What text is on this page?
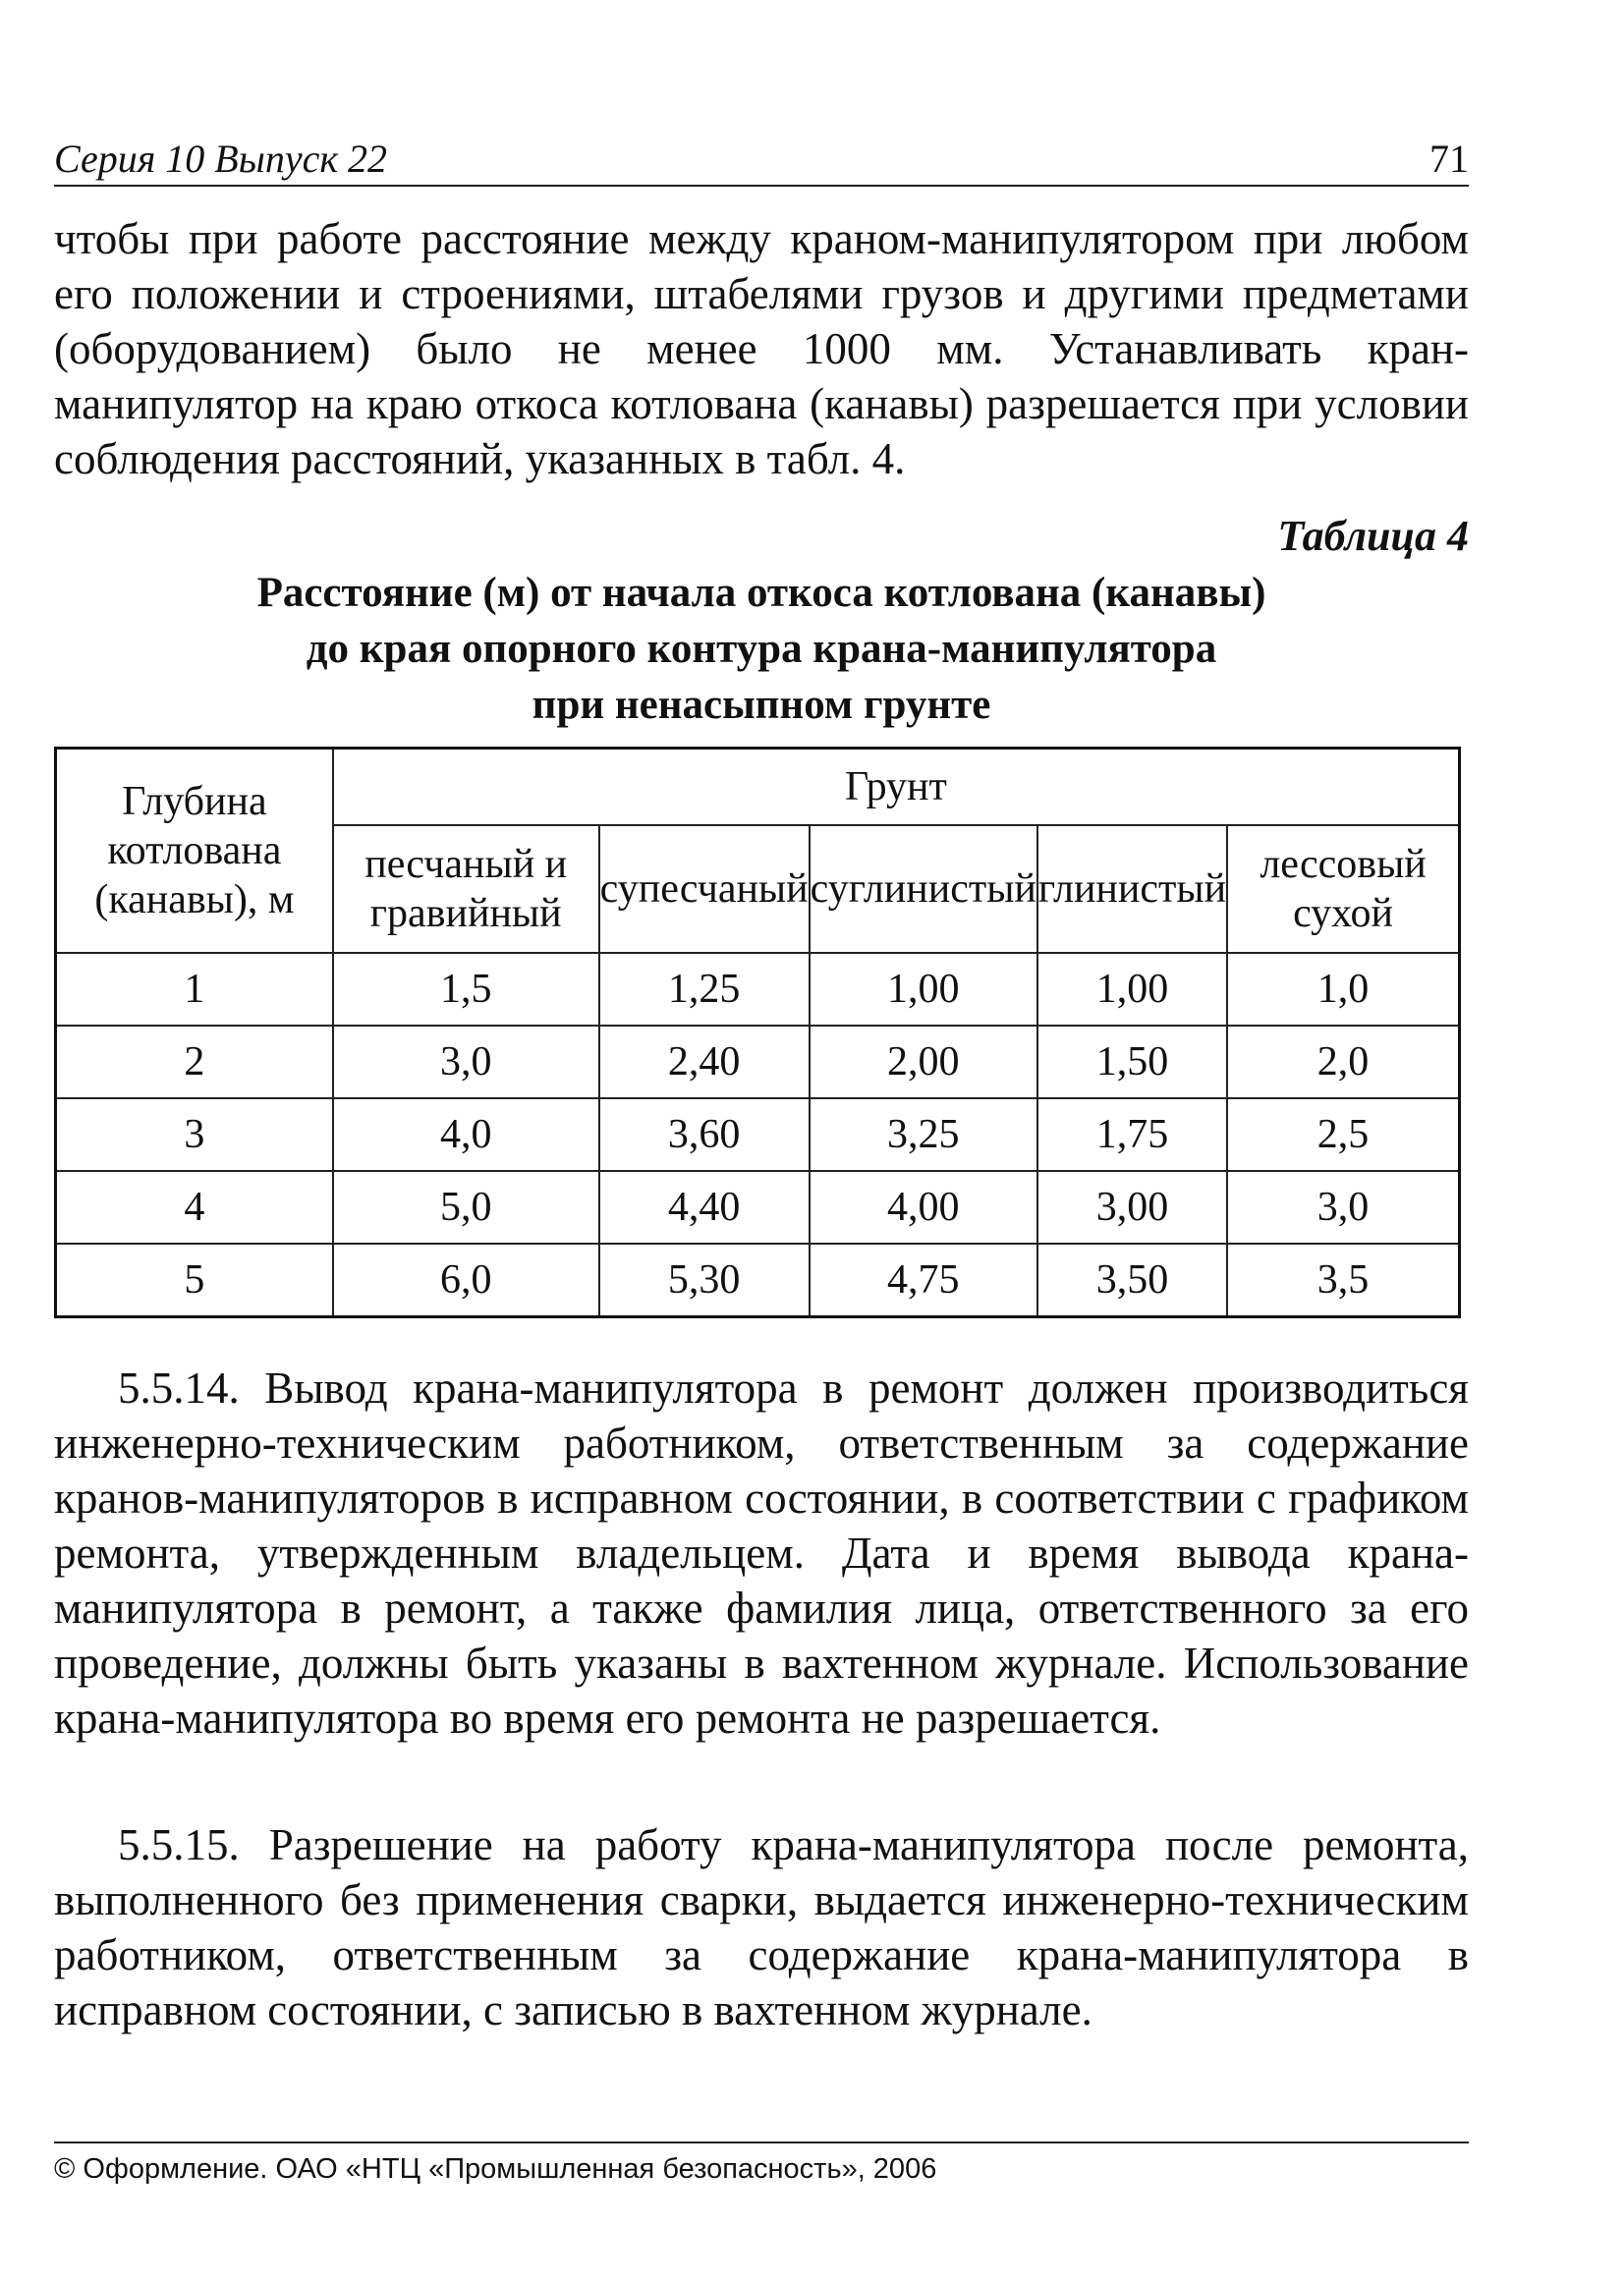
Серия 10 Выпуск 22	71

чтобы при работе расстояние между краном-манипулятором при любом его положении и строениями, штабелями грузов и другими предметами (оборудованием) было не менее 1000 мм. Устанавливать кран-манипулятор на краю откоса котлована (канавы) разрешается при условии соблюдения расстояний, указанных в табл. 4.

Таблица 4
Расстояние (м) от начала откоса котлована (канавы)
до края опорного контура крана-манипулятора
при ненасыпном грунте
Глубина котлована (канавы), м	Грунт				
	песчаный и гравийный	супесчаный	суглинистый	глинистый	лессовый сухой
1	1,5	1,25	1,00	1,00	1,0
2	3,0	2,40	2,00	1,50	2,0
3	4,0	3,60	3,25	1,75	2,5
4	5,0	4,40	4,00	3,00	3,0
5	6,0	5,30	4,75	3,50	3,5

5.5.14. Вывод крана-манипулятора в ремонт должен производиться инженерно-техническим работником, ответственным за содержание кранов-манипуляторов в исправном состоянии, в соответствии с графиком ремонта, утвержденным владельцем. Дата и время вывода крана-манипулятора в ремонт, а также фамилия лица, ответственного за его проведение, должны быть указаны в вахтенном журнале. Использование крана-манипулятора во время его ремонта не разрешается.

5.5.15. Разрешение на работу крана-манипулятора после ремонта, выполненного без применения сварки, выдается инженерно-техническим работником, ответственным за содержание крана-манипулятора в исправном состоянии, с записью в вахтенном журнале.

© Оформление. ОАО «НТЦ «Промышленная безопасность», 2006
